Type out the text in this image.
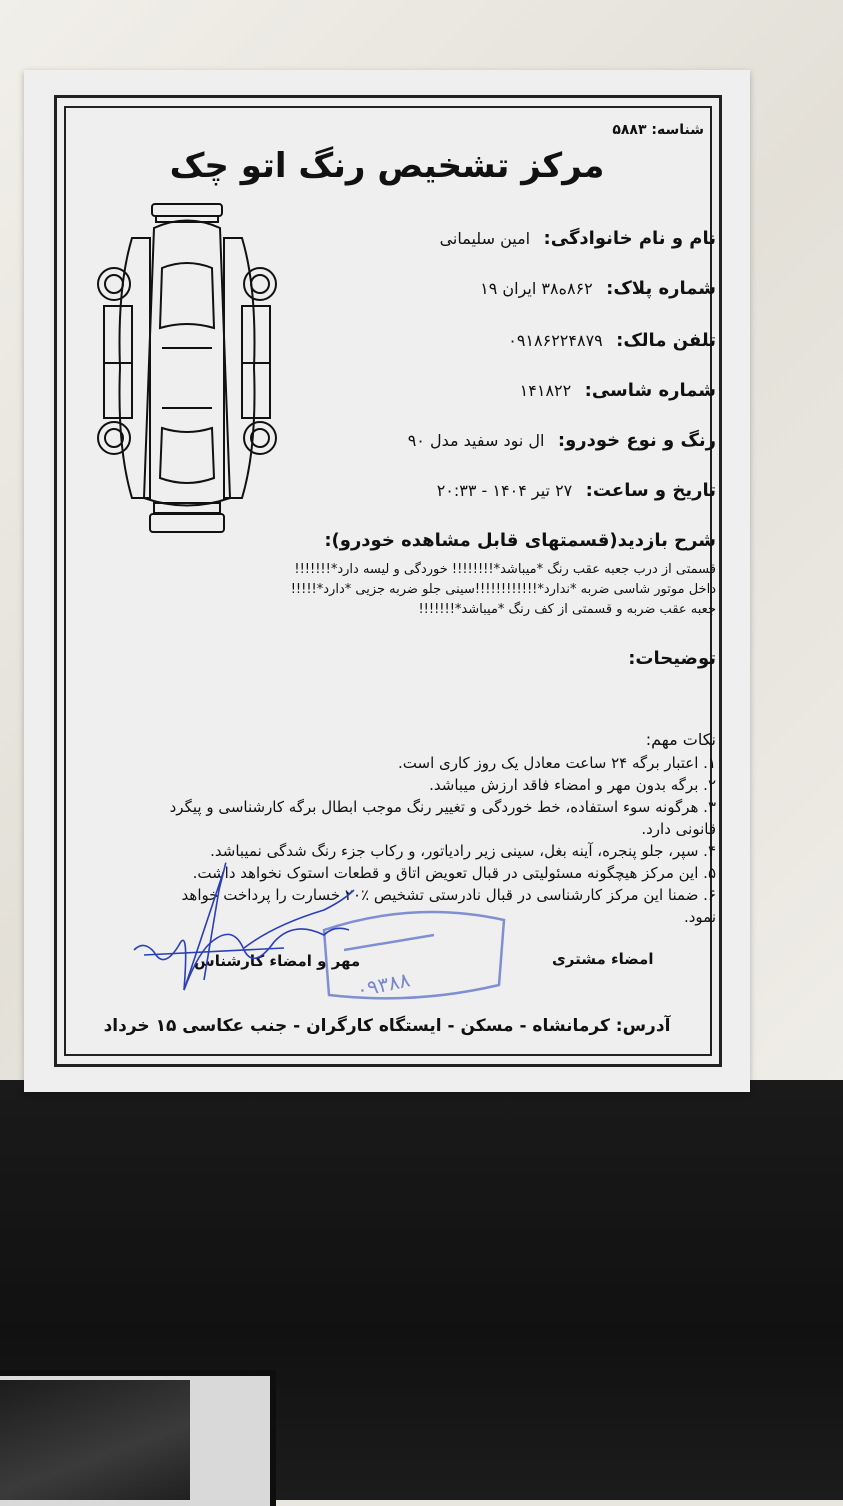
شناسه: ۵۸۸۳
مرکز تشخیص رنگ اتو چک
نام و نام خانوادگی: امین سلیمانی
شماره پلاک: ۸۶۲ه۳۸ ایران ۱۹
تلفن مالک: ۰۹۱۸۶۲۲۴۸۷۹
شماره شاسی: ۱۴۱۸۲۲
رنگ و نوع خودرو: ال نود سفید مدل ۹۰
تاریخ و ساعت: ۲۷ تیر ۱۴۰۴ - ۲۰:۳۳
شرح بازدید(قسمتهای قابل مشاهده خودرو):
قسمتی از درب جعبه عقب رنگ *میباشد*!!!!!!!! خوردگی و لیسه دارد*!!!!!!!
داخل موتور شاسی ضربه *ندارد*!!!!!!!!!!!!سینی جلو ضربه جزیی *دارد*!!!!!
جعبه عقب ضربه و قسمتی از کف رنگ *میباشد*!!!!!!!
توضیحات:
نکات مهم:
۱. اعتبار برگه ۲۴ ساعت معادل یک روز کاری است.
۲. برگه بدون مهر و امضاء فاقد ارزش میباشد.
۳. هرگونه سوء استفاده، خط خوردگی و تغییر رنگ موجب ابطال برگه کارشناسی و پیگرد
قانونی دارد.
۴. سپر، جلو پنجره، آینه بغل، سینی زیر رادیاتور، و رکاب جزء رنگ شدگی نمیباشد.
۵. این مرکز هیچگونه مسئولیتی در قبال تعویض اتاق و قطعات استوک نخواهد داشت.
۶. ضمنا این مرکز کارشناسی در قبال نادرستی تشخیص ٪۲۰ خسارت را پرداخت خواهد
نمود.
امضاء مشتری
مهر و امضاء کارشناس
۰۹۳۸۸
آدرس: کرمانشاه - مسکن - ایستگاه کارگران - جنب عکاسی ۱۵ خرداد
